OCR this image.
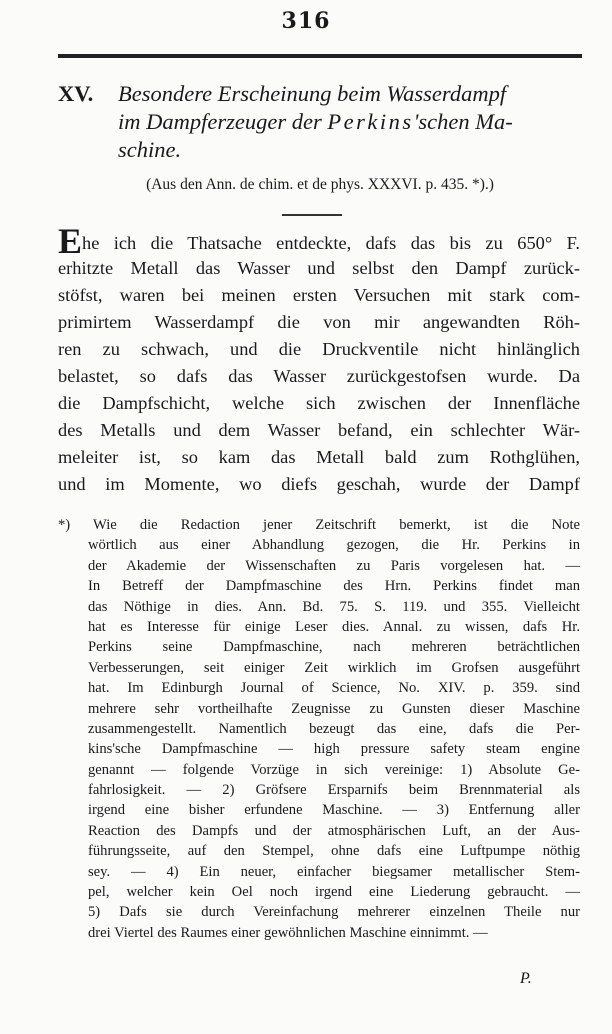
316
XV. Besondere Erscheinung beim Wasserdampf
im Dampferzeuger der Perkins'schen Ma-
schine.
(Aus den Ann. de chim. et de phys. XXXVI. p. 435. *).)
Ehe ich die Thatsache entdeckte, dafs das bis zu 650° F.
erhitzte Metall das Wasser und selbst den Dampf zurück-
stöfst, waren bei meinen ersten Versuchen mit stark com-
primirtem Wasserdampf die von mir angewandten Röh-
ren zu schwach, und die Druckventile nicht hinlänglich
belastet, so dafs das Wasser zurückgestofsen wurde. Da
die Dampfschicht, welche sich zwischen der Innenfläche
des Metalls und dem Wasser befand, ein schlechter Wär-
meleiter ist, so kam das Metall bald zum Rothglühen,
und im Momente, wo diefs geschah, wurde der Dampf
*) Wie die Redaction jener Zeitschrift bemerkt, ist die Note
wörtlich aus einer Abhandlung gezogen, die Hr. Perkins in
der Akademie der Wissenschaften zu Paris vorgelesen hat. —
In Betreff der Dampfmaschine des Hrn. Perkins findet man
das Nöthige in dies. Ann. Bd. 75. S. 119. und 355. Vielleicht
hat es Interesse für einige Leser dies. Annal. zu wissen, dafs Hr.
Perkins seine Dampfmaschine, nach mehreren beträchtlichen
Verbesserungen, seit einiger Zeit wirklich im Grofsen ausgeführt
hat. Im Edinburgh Journal of Science, No. XIV. p. 359. sind
mehrere sehr vortheilhafte Zeugnisse zu Gunsten dieser Maschine
zusammengestellt. Namentlich bezeugt das eine, dafs die Per-
kins'sche Dampfmaschine — high pressure safety steam engine
genannt — folgende Vorzüge in sich vereinige: 1) Absolute Ge-
fahrlosigkeit. — 2) Gröfsere Ersparnifs beim Brennmaterial als
irgend eine bisher erfundene Maschine. — 3) Entfernung aller
Reaction des Dampfs und der atmosphärischen Luft, an der Aus-
führungsseite, auf den Stempel, ohne dafs eine Luftpumpe nöthig
sey. — 4) Ein neuer, einfacher biegsamer metallischer Stem-
pel, welcher kein Oel noch irgend eine Liederung gebraucht. —
5) Dafs sie durch Vereinfachung mehrerer einzelnen Theile nur
drei Viertel des Raumes einer gewöhnlichen Maschine einnimmt. —
P.
